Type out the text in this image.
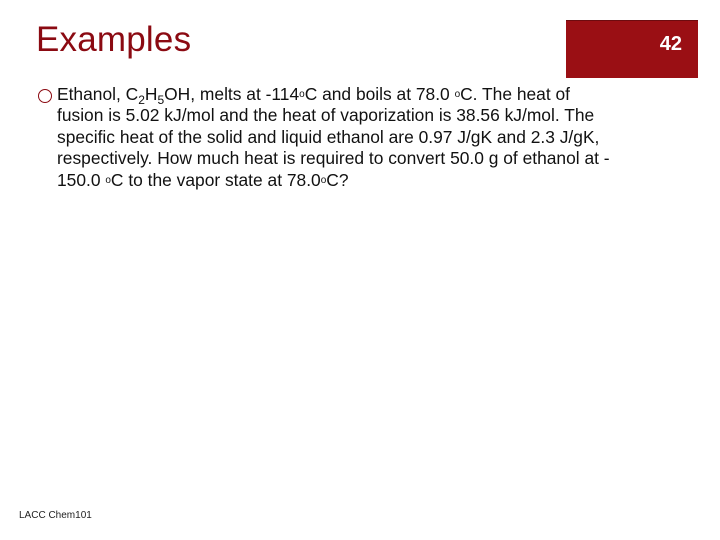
Examples	42
Ethanol, $C_2H_5OH$, melts at -114oC and boils at 78.0 oC. The heat of
fusion is 5.02 kJ/mol and the heat of vaporization is 38.56 kJ/mol. The
specific heat of the solid and liquid ethanol are 0.97 J/gK and 2.3 J/gK,
respectively. How much heat is required to convert 50.0 g of ethanol at -
150.0 oC to the vapor state at 78.0oC?
LACC Chem101
